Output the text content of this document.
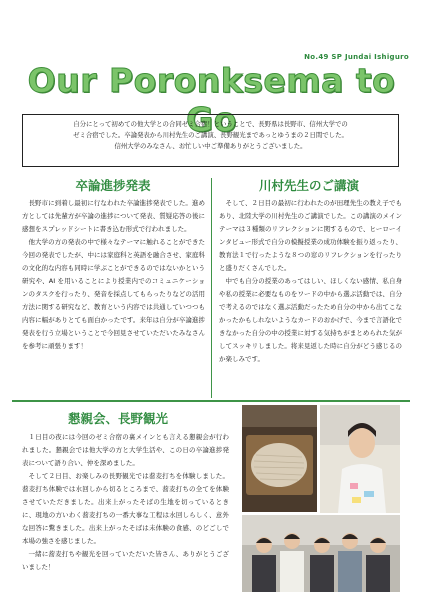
No.49 SP Jundai Ishiguro
Our Poronksema to Go
自分にとって初めての他大学との合同ゼミ合宿！ということで、長野県は長野市、信州大学での
ゼミ合宿でした。卒論発表から川村先生のご講演、長野観光まであっとゆうまの２日間でした。
信州大学のみなさん、お忙しい中ご準備ありがとうございました。
卒論進捗発表

長野市に到着し最初に行なわれた卒論進捗発表でした。進め方としては先輩方が卒論の進捗について発表、質疑応答の後に感想をスプレッドシートに書き込む形式で行われました。

他大学の方の発表の中で様々なテーマに触れることができた今回の発表でしたが、中には家庭科と英語を融合させ、家庭科の文化的な内容も同時に学ぶことができるのではないかという研究や、AI を用いることにより授業内でのコミュニケーションのタスクを行ったり、発音を採点してもらったりなどの活用方法に関する研究など、教育という内容では共通していつつも内容に幅がありとても面白かったです。来年は自分が卒論進捗発表を行う立場ということで今回見させていただいたみなさんを参考に頑張ります！

川村先生のご講演

そして、２日目の最初に行われたのが田理先生の教え子でもあり、北陸大学の川村先生のご講演でした。この講演のメインテーマは３種類のリフレクションに関するもので、ヒーローインタビュー形式で自分の模擬授業の成功体験を振り返ったり、教育法１で行ったような８つの窓のリフレクションを行ったりと盛りだくさんでした。

中でも自分の授業のあってはしい、ほしくない感情、私自身や私の授業に必要なものをワードの中から選ぶ活動では、自分で考えるのではなく選ぶ活動だったため自分の中から出てこなかったかもしれないようなカードのおかげで、今まで言語化できなかった自分の中の授業に対する気持ちがまとめられた気がしてスッキリしました。将来見返した時に自分がどう感じるのか楽しみです。

懇親会、長野観光

１日目の夜には今回のゼミ合宿の裏メインとも言える懇親会が行われました。懇親会では他大学の方と大学生活や、この日の卒論進捗発表について語り合い、仲を深めました。

そして２日目、お楽しみの長野観光では蕎麦打ちを体験しました。蕎麦打ち体験では水回しから切るところまで、蕎麦打ちの全てを体験させていただきました。出来上がったそばの生地を切っているときに、現地の方いわく蕎麦打ちの一番大事な工程は水回しらしく、意外な回答に驚きました。出来上がったそばは未体験の食感、のどごしで本場の強さを感じました。

一緒に蕎麦打ちや観光を回っていただいた皆さん、ありがとうございました！
